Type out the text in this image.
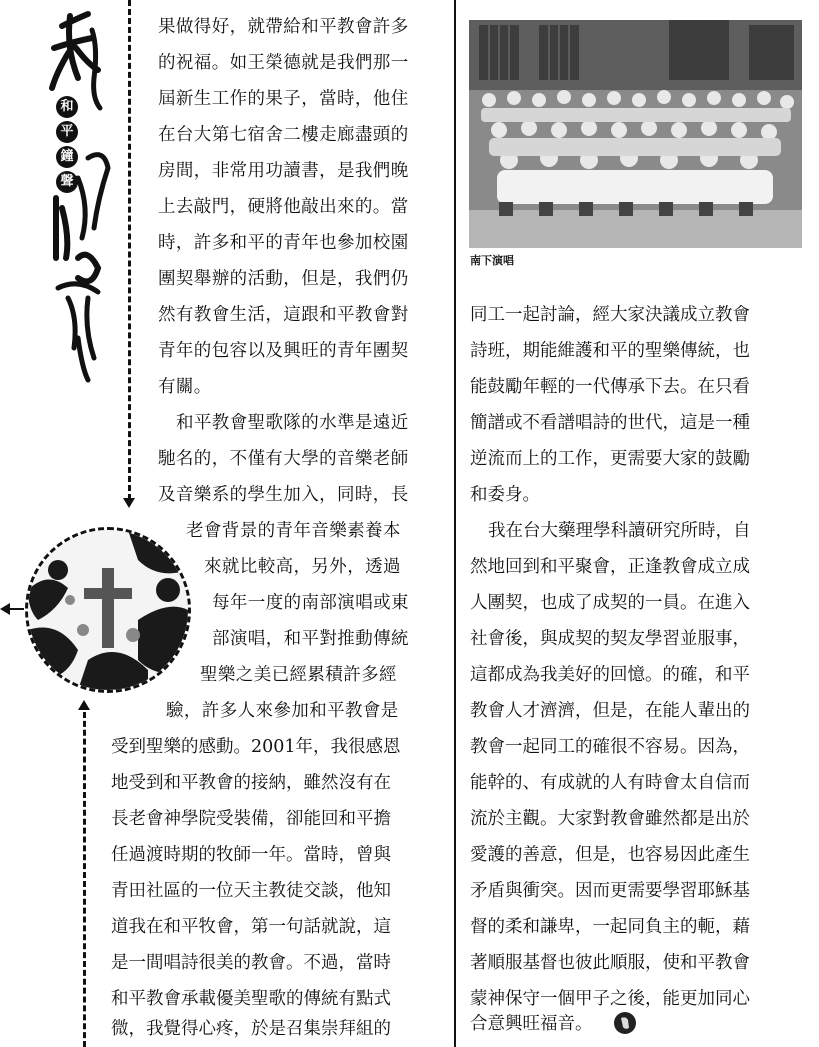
和
平
鐘
聲
果做得好，就帶給和平教會許多
的祝福。如王榮德就是我們那一
屆新生工作的果子，當時，他住
在台大第七宿舍二樓走廊盡頭的
房間，非常用功讀書，是我們晚
上去敲門，硬將他敲出來的。當
時，許多和平的青年也參加校園
團契舉辦的活動，但是，我們仍
然有教會生活，這跟和平教會對
青年的包容以及興旺的青年團契
有關。
和平教會聖歌隊的水準是遠近
馳名的，不僅有大學的音樂老師
及音樂系的學生加入，同時，長
老會背景的青年音樂素養本
來就比較高，另外，透過
每年一度的南部演唱或東
部演唱，和平對推動傳統
聖樂之美已經累積許多經
驗，許多人來參加和平教會是
受到聖樂的感動。2001年，我很感恩
地受到和平教會的接納，雖然沒有在
長老會神學院受裝備，卻能回和平擔
任過渡時期的牧師一年。當時，曾與
青田社區的一位天主教徒交談，他知
道我在和平牧會，第一句話就說，這
是一間唱詩很美的教會。不過，當時
和平教會承載優美聖歌的傳統有點式
微，我覺得心疼，於是召集崇拜組的
南下演唱
同工一起討論，經大家決議成立教會
詩班，期能維護和平的聖樂傳統，也
能鼓勵年輕的一代傳承下去。在只看
簡譜或不看譜唱詩的世代，這是一種
逆流而上的工作，更需要大家的鼓勵
和委身。
我在台大藥理學科讀研究所時，自
然地回到和平聚會，正逢教會成立成
人團契，也成了成契的一員。在進入
社會後，與成契的契友學習並服事，
這都成為我美好的回憶。的確，和平
教會人才濟濟，但是，在能人輩出的
教會一起同工的確很不容易。因為，
能幹的、有成就的人有時會太自信而
流於主觀。大家對教會雖然都是出於
愛護的善意，但是，也容易因此產生
矛盾與衝突。因而更需要學習耶穌基
督的柔和謙卑，一起同負主的軛，藉
著順服基督也彼此順服，使和平教會
蒙神保守一個甲子之後，能更加同心
合意興旺福音。
